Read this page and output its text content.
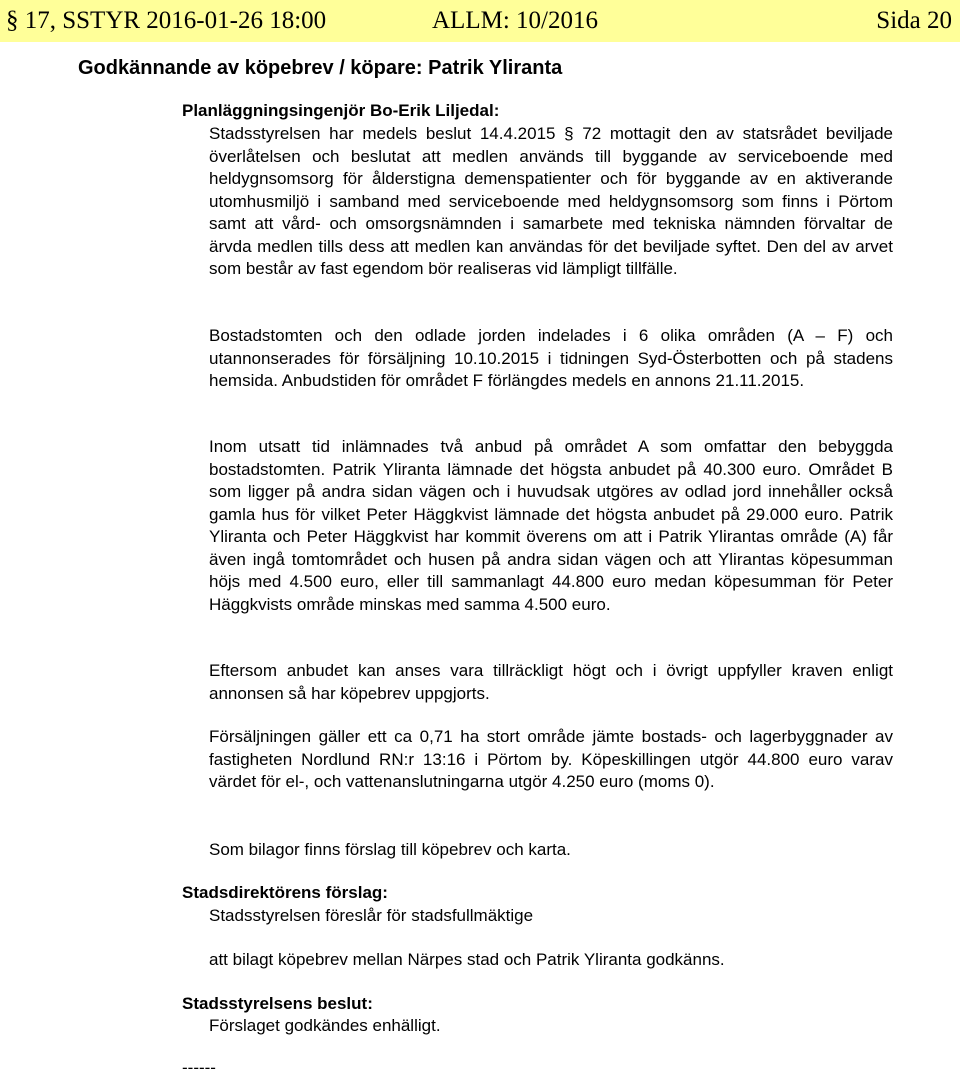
§ 17, SSTYR 2016-01-26 18:00	ALLM: 10/2016	Sida 20
Godkännande av köpebrev / köpare: Patrik Yliranta
Planläggningsingenjör Bo-Erik Liljedal:

Stadsstyrelsen har medels beslut 14.4.2015 § 72 mottagit den av statsrådet beviljade överlåtelsen och beslutat att medlen används till byggande av serviceboende med heldygnsomsorg för ålderstigna demenspatienter och för byggande av en aktiverande utomhusmiljö i samband med serviceboende med heldygnsomsorg som finns i Pörtom samt att vård- och omsorgsnämnden i samarbete med tekniska nämnden förvaltar de ärvda medlen tills dess att medlen kan användas för det beviljade syftet. Den del av arvet som består av fast egendom bör realiseras vid lämpligt tillfälle.

Bostadstomten och den odlade jorden indelades i 6 olika områden (A – F) och utannonserades för försäljning 10.10.2015 i tidningen Syd-Österbotten och på stadens hemsida. Anbudstiden för området F förlängdes medels en annons 21.11.2015.

Inom utsatt tid inlämnades två anbud på området A som omfattar den bebyggda bostadstomten. Patrik Yliranta lämnade det högsta anbudet på 40.300 euro. Området B som ligger på andra sidan vägen och i huvudsak utgöres av odlad jord innehåller också gamla hus för vilket Peter Häggkvist lämnade det högsta anbudet på 29.000 euro. Patrik Yliranta och Peter Häggkvist har kommit överens om att i Patrik Ylirantas område (A) får även ingå tomtområdet och husen på andra sidan vägen och att Ylirantas köpesumman höjs med 4.500 euro, eller till sammanlagt 44.800 euro medan köpesumman för Peter Häggkvists område minskas med samma 4.500 euro.

Eftersom anbudet kan anses vara tillräckligt högt och i övrigt uppfyller kraven enligt annonsen så har köpebrev uppgjorts.

Försäljningen gäller ett ca 0,71 ha stort område jämte bostads- och lagerbyggnader av fastigheten Nordlund RN:r 13:16 i Pörtom by. Köpeskillingen utgör 44.800 euro varav värdet för el-, och vattenanslutningarna utgör 4.250 euro (moms 0).

Som bilagor finns förslag till köpebrev och karta.
Stadsdirektörens förslag:
Stadsstyrelsen föreslår för stadsfullmäktige
att bilagt köpebrev mellan Närpes stad och Patrik Yliranta godkänns.
Stadsstyrelsens beslut:
Förslaget godkändes enhälligt.
------
